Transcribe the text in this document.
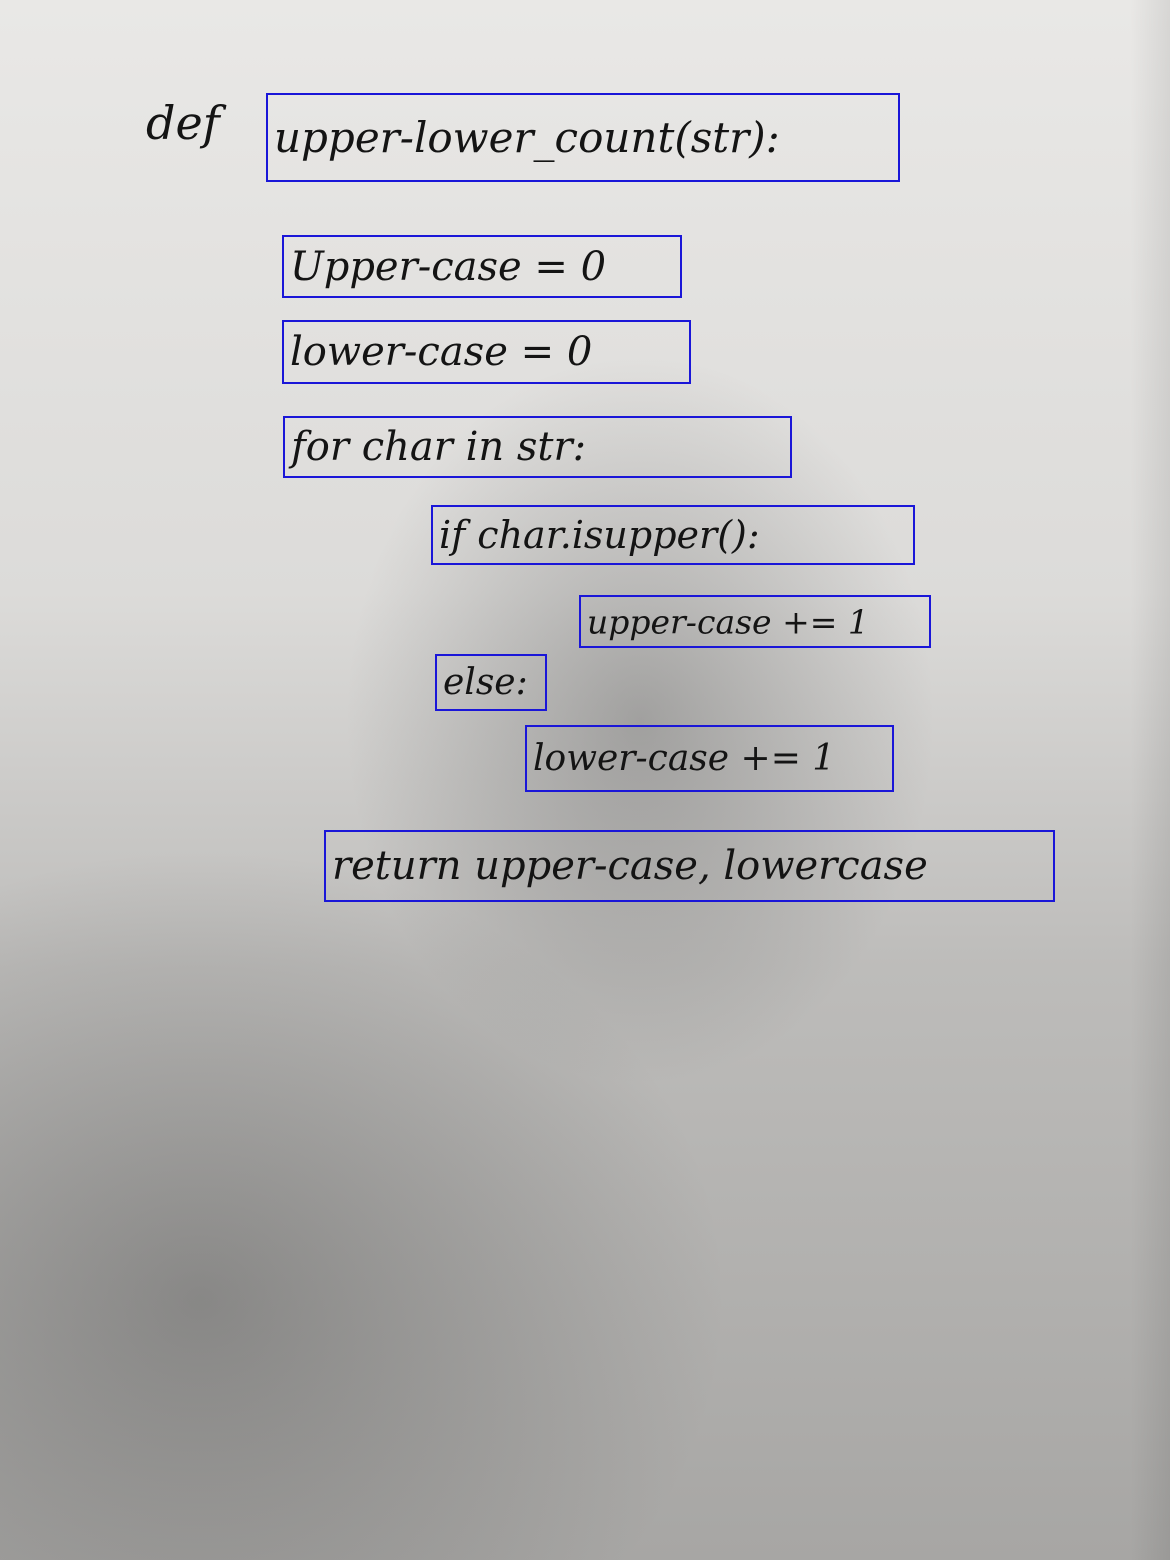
def upper-lower_count(str):
Upper-case = 0
lower-case = 0
for char in str:
if char.isupper():
upper-case += 1
else:
lower-case += 1
return upper-case, lowercase
